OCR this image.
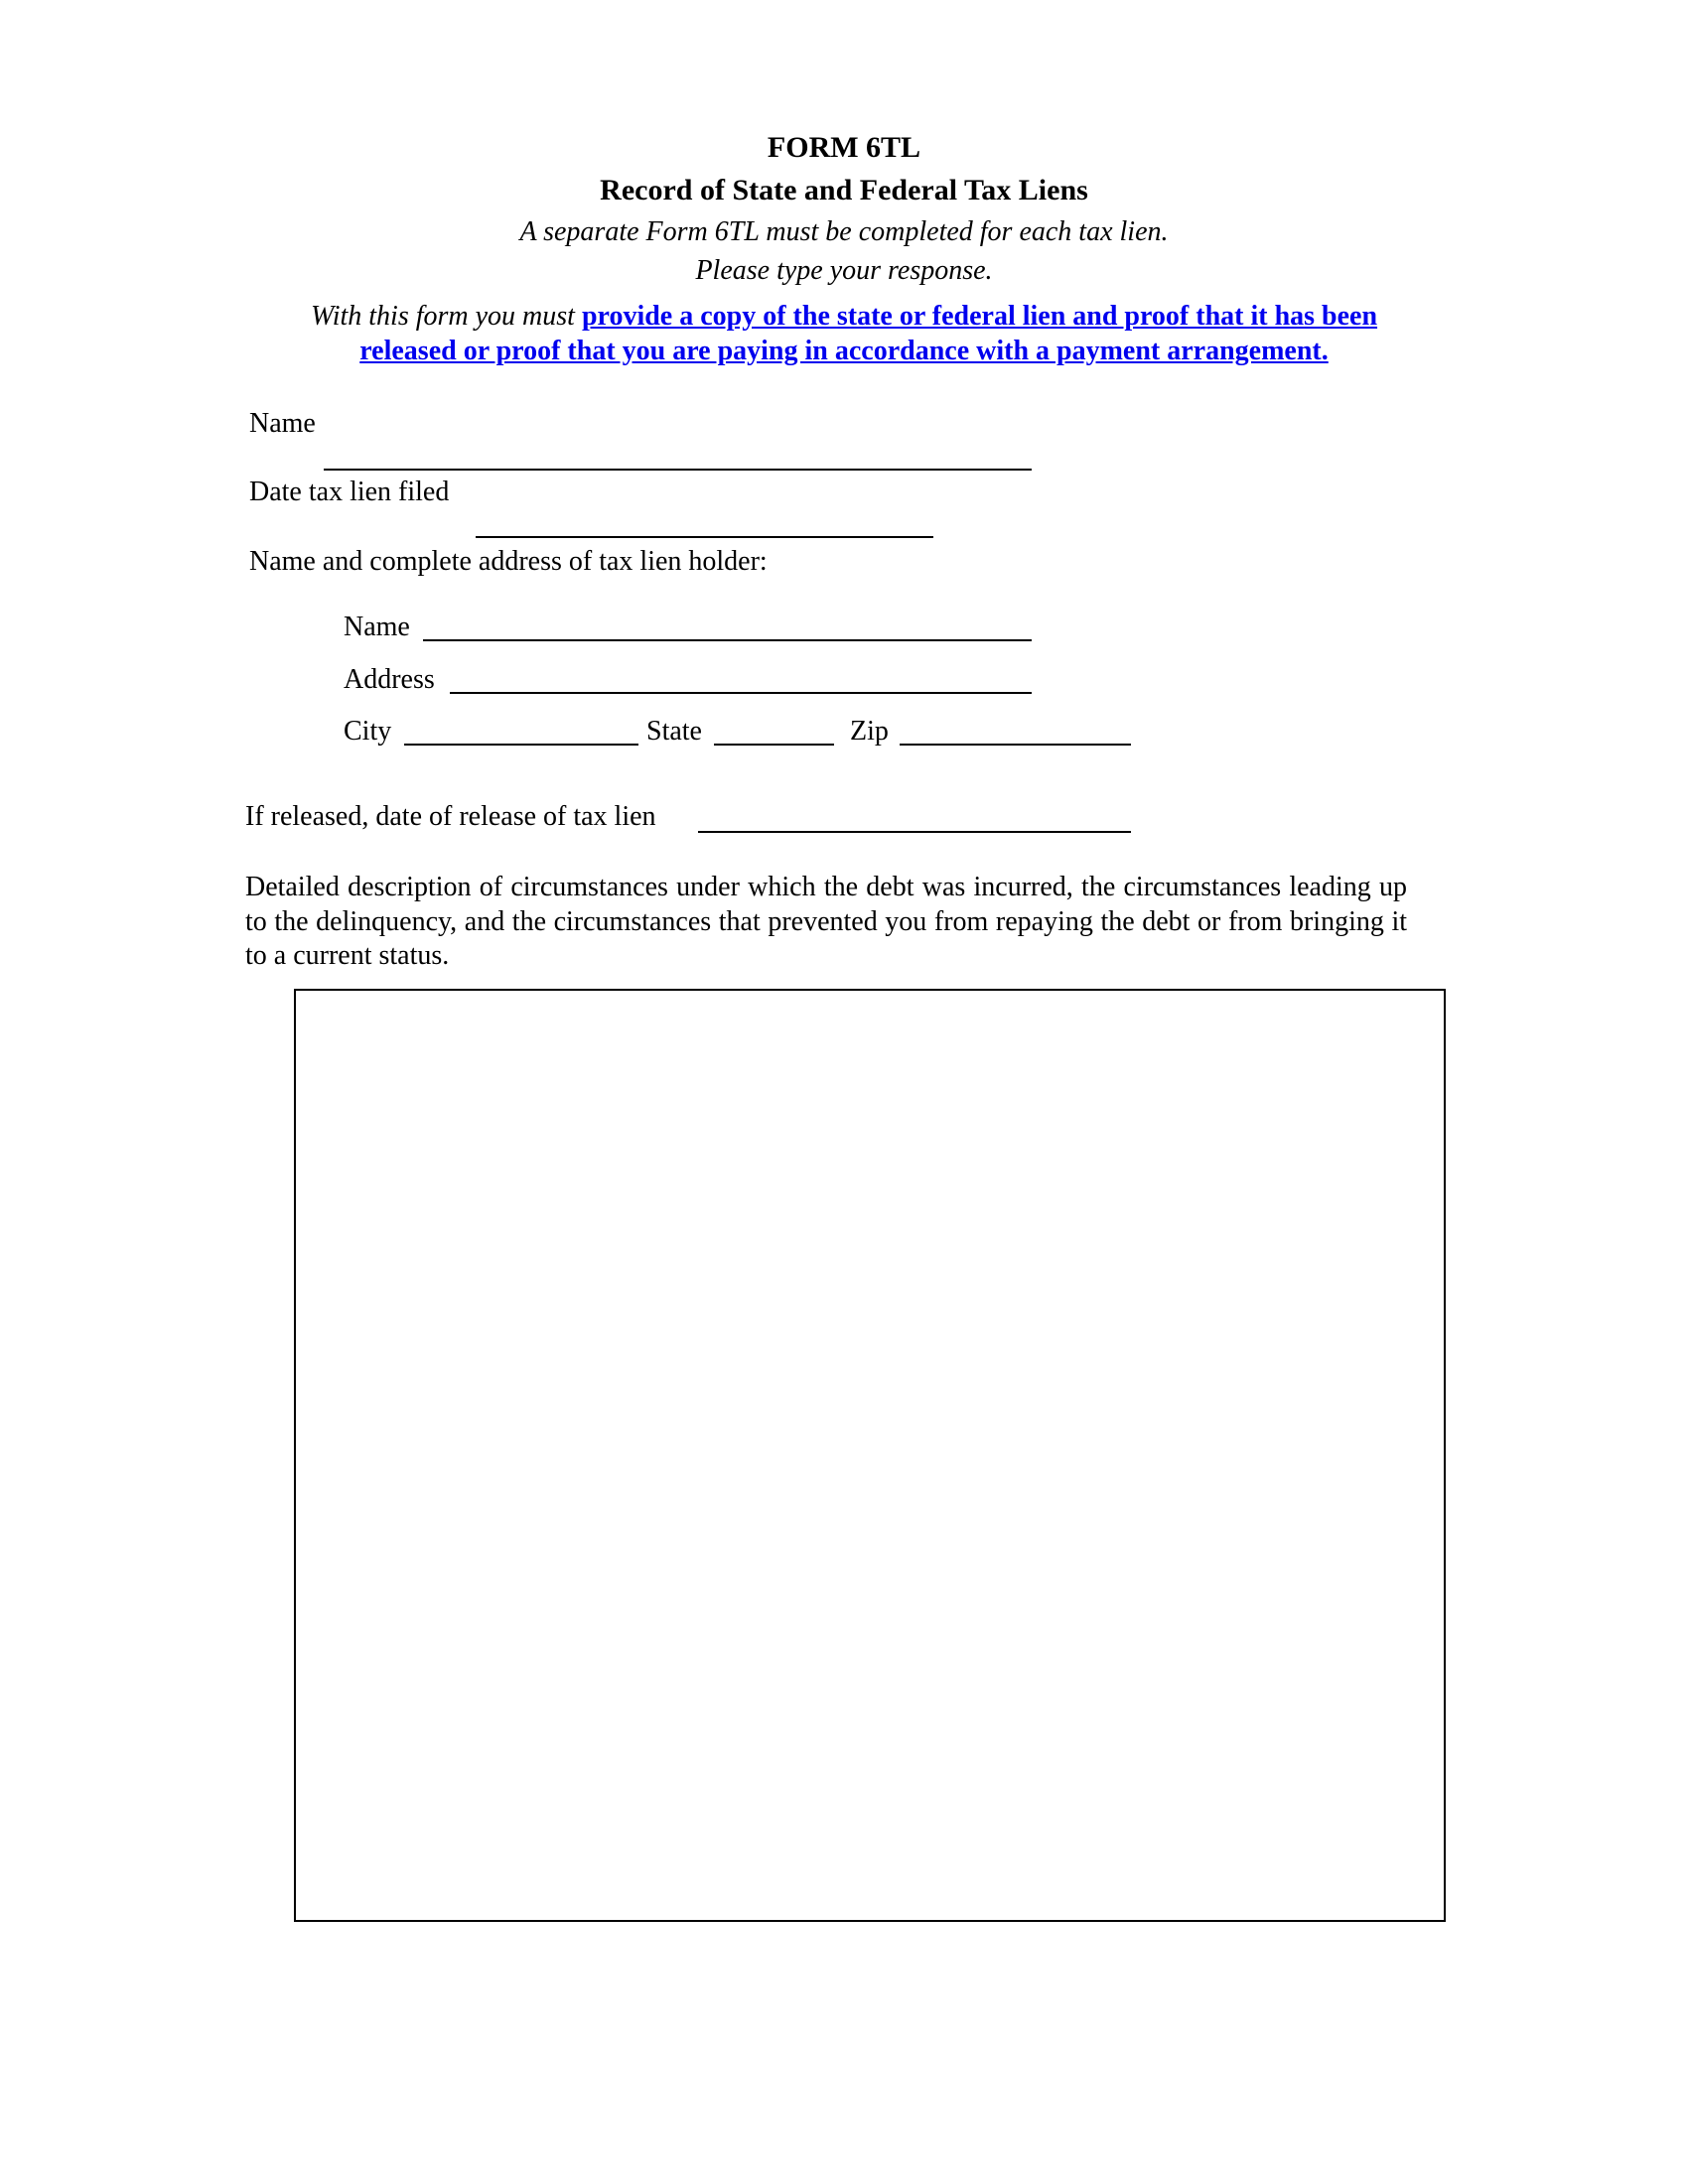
FORM 6TL
Record of State and Federal Tax Liens
A separate Form 6TL must be completed for each tax lien.
Please type your response.
With this form you must provide a copy of the state or federal lien and proof that it has been
released or proof that you are paying in accordance with a payment arrangement.
Name
Date tax lien filed
Name and complete address of tax lien holder:
Name
Address
City	State	Zip
If released, date of release of tax lien
Detailed description of circumstances under which the debt was incurred, the circumstances leading up to the delinquency, and the circumstances that prevented you from repaying the debt or from bringing it to a current status.
